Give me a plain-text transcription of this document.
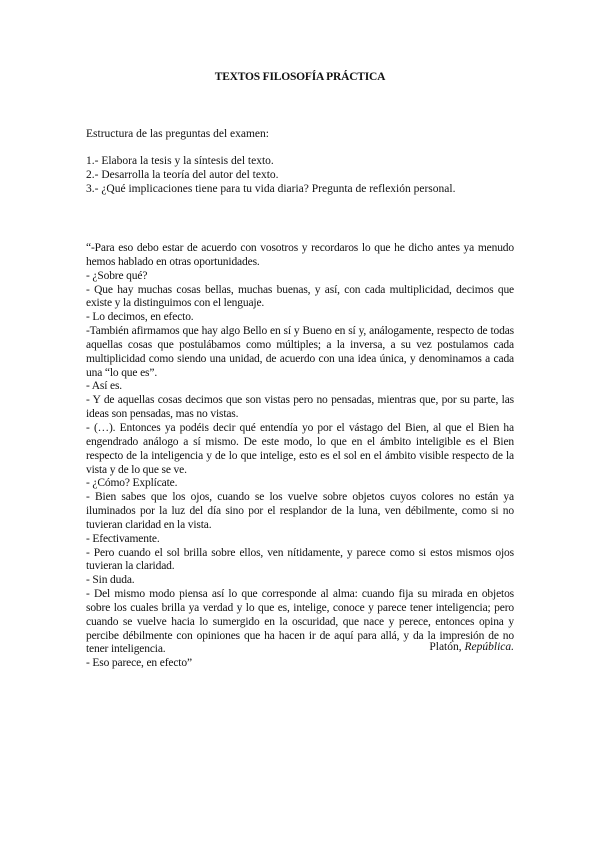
TEXTOS FILOSOFÍA PRÁCTICA
Estructura de las preguntas del examen:
1.- Elabora la tesis y la síntesis del texto.
2.- Desarrolla la teoría del autor del texto.
3.- ¿Qué implicaciones tiene para tu vida diaria? Pregunta de reflexión personal.

“-Para eso debo estar de acuerdo con vosotros y recordaros lo que he dicho antes ya menudo hemos hablado en otras oportunidades.

- ¿Sobre qué?

- Que hay muchas cosas bellas, muchas buenas, y así, con cada multiplicidad, decimos que existe y la distinguimos con el lenguaje.

- Lo decimos, en efecto.

-También afirmamos que hay algo Bello en sí y Bueno en sí y, análogamente, respecto de todas aquellas cosas que postulábamos como múltiples; a la inversa, a su vez postulamos cada multiplicidad como siendo una unidad, de acuerdo con una idea única, y denominamos a cada una “lo que es”.

- Así es.

- Y de aquellas cosas decimos que son vistas pero no pensadas, mientras que, por su parte, las ideas son pensadas, mas no vistas.

- (…). Entonces ya podéis decir qué entendía yo por el vástago del Bien, al que el Bien ha engendrado análogo a sí mismo. De este modo, lo que en el ámbito inteligible es el Bien respecto de la inteligencia y de lo que intelige, esto es el sol en el ámbito visible respecto de la vista y de lo que se ve.

- ¿Cómo? Explícate.

- Bien sabes que los ojos, cuando se los vuelve sobre objetos cuyos colores no están ya iluminados por la luz del día sino por el resplandor de la luna, ven débilmente, como si no tuvieran claridad en la vista.

- Efectivamente.

- Pero cuando el sol brilla sobre ellos, ven nítidamente, y parece como si estos mismos ojos tuvieran la claridad.

- Sin duda.

- Del mismo modo piensa así lo que corresponde al alma: cuando fija su mirada en objetos sobre los cuales brilla ya verdad y lo que es, intelige, conoce y parece tener inteligencia; pero cuando se vuelve hacia lo sumergido en la oscuridad, que nace y perece, entonces opina y percibe débilmente con opiniones que ha hacen ir de aquí para allá, y da la impresión de no tener inteligencia.

- Eso parece, en efecto”

Platón, República.
